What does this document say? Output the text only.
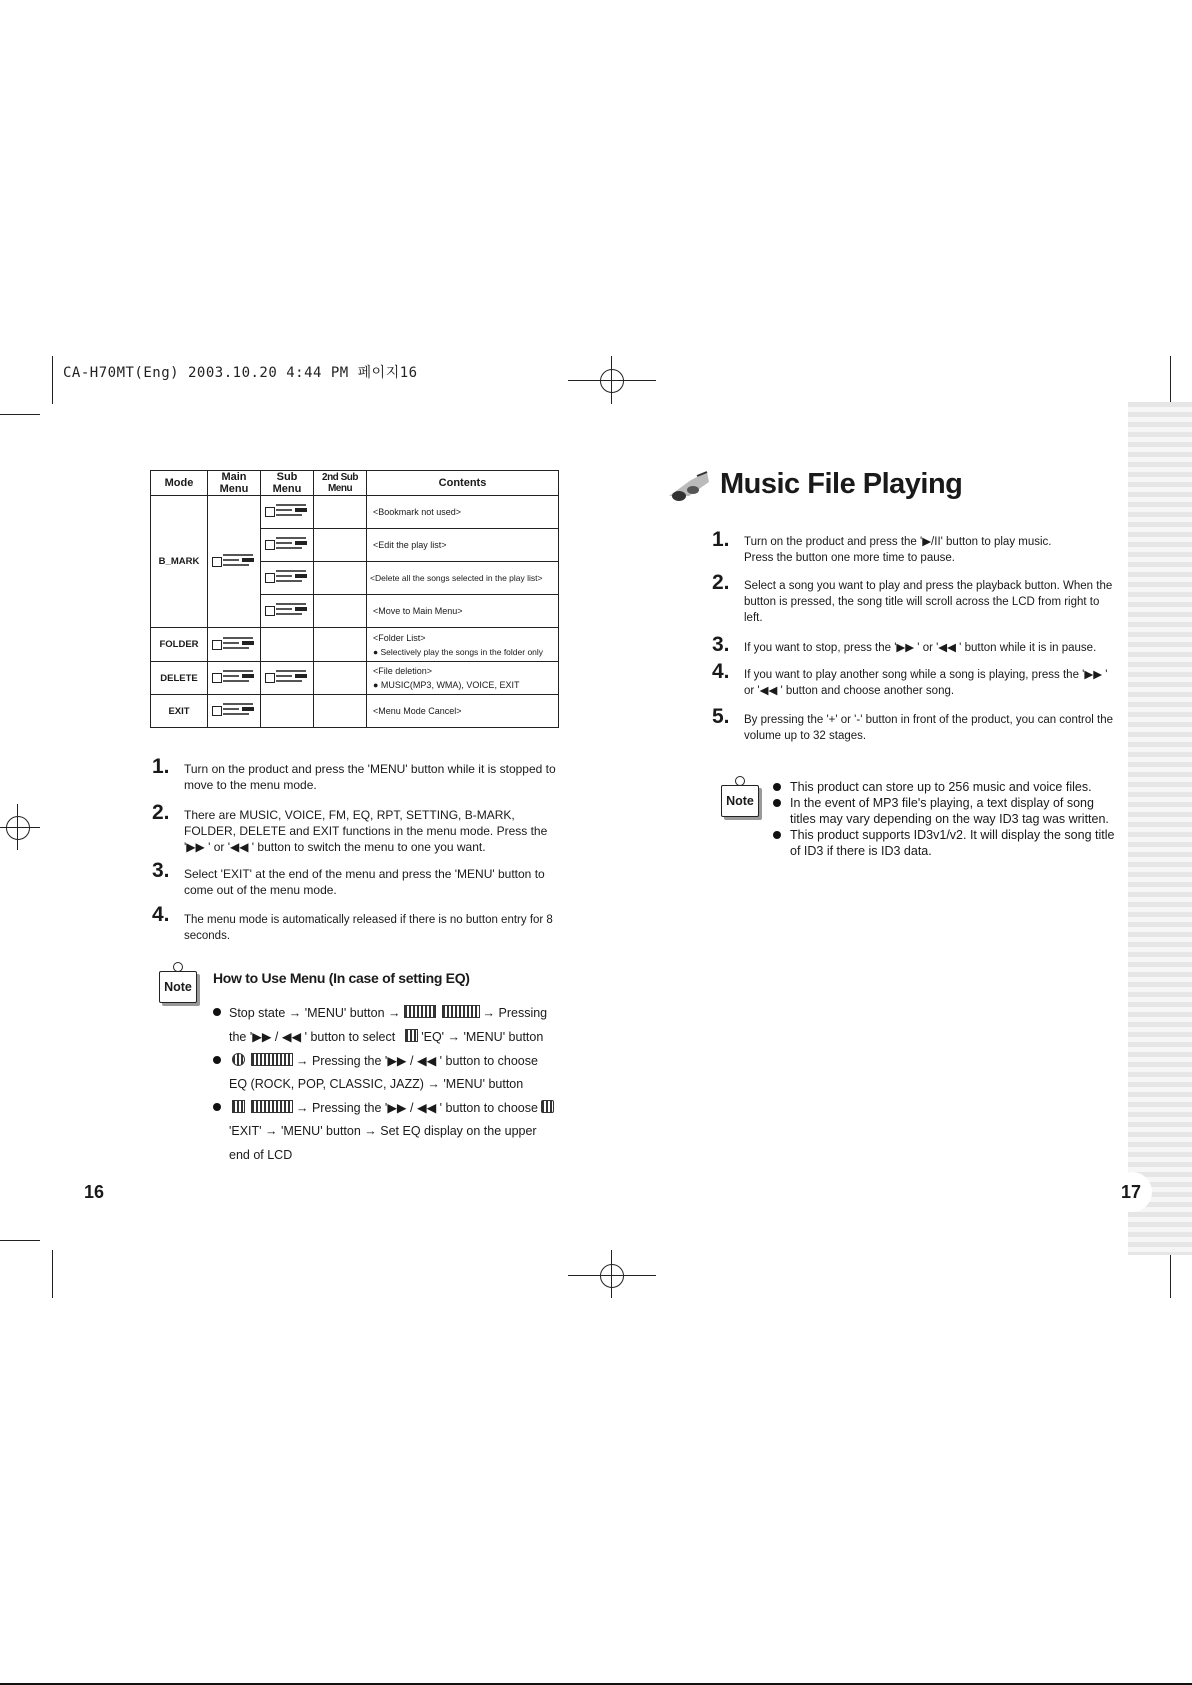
CA-H70MT(Eng) 2003.10.20 4:44 PM 페이지16
Mode	Main Menu	Sub Menu	2nd Sub Menu	Contents
B_MARK				<Bookmark not used>

				<Edit the play list>

				<Delete all the songs selected in the play list>

				<Move to Main Menu>
FOLDER				<Folder List>
● Selectively play the songs in the folder only

DELETE				<File deletion>
● MUSIC(MP3, WMA), VOICE, EXIT

EXIT				<Menu Mode Cancel>
1. Turn on the product and press the 'MENU' button while it is stopped to move to the menu mode.
2. There are MUSIC, VOICE, FM, EQ, RPT, SETTING, B-MARK, FOLDER, DELETE and EXIT functions in the menu mode. Press the '▶▶ ' or '◀◀ ' button to switch the menu to one you want.
3. Select 'EXIT' at the end of the menu and press the 'MENU' button to come out of the menu mode.
4. The menu mode is automatically released if there is no button entry for 8 seconds.
Note
How to Use Menu (In case of setting EQ)
Stop state → 'MENU' button →	→ Pressing
the '▶▶ / ◀◀ ' button to select 'EQ' → 'MENU' button
→ Pressing the '▶▶ / ◀◀ ' button to choose
EQ (ROCK, POP, CLASSIC, JAZZ) → 'MENU' button
→ Pressing the '▶▶ / ◀◀ ' button to choose
'EXIT' → 'MENU' button → Set EQ display on the upper
end of LCD
16
Music File Playing
1. Turn on the product and press the '▶/II' button to play music.
Press the button one more time to pause.
2. Select a song you want to play and press the playback button. When the button is pressed, the song title will scroll across the LCD from right to left.
3. If you want to stop, press the '▶▶ ' or '◀◀ ' button while it is in pause.
4. If you want to play another song while a song is playing, press the '▶▶ ' or '◀◀ ' button and choose another song.
5. By pressing the '+' or '-' button in front of the product, you can control the volume up to 32 stages.
Note
This product can store up to 256 music and voice files.
In the event of MP3 file's playing, a text display of song titles may vary depending on the way ID3 tag was written.
This product supports ID3v1/v2. It will display the song title of ID3 if there is ID3 data.
17
